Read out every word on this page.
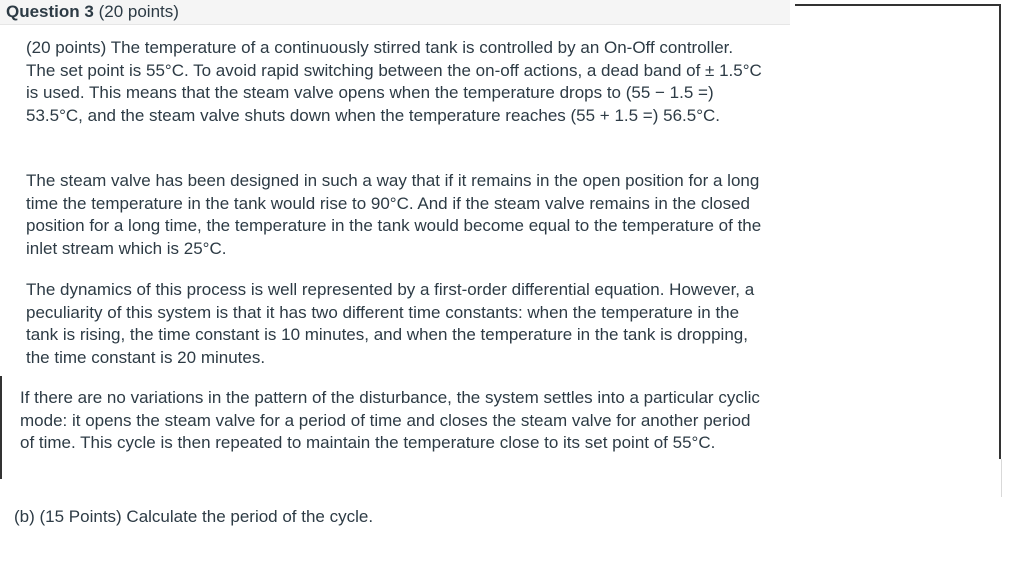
Question 3 (20 points)

(20 points) The temperature of a continuously stirred tank is controlled by an On-Off controller. The set point is 55°C. To avoid rapid switching between the on-off actions, a dead band of ± 1.5°C is used. This means that the steam valve opens when the temperature drops to (55 − 1.5 =) 53.5°C, and the steam valve shuts down when the temperature reaches (55 + 1.5 =) 56.5°C.

The steam valve has been designed in such a way that if it remains in the open position for a long time the temperature in the tank would rise to 90°C. And if the steam valve remains in the closed position for a long time, the temperature in the tank would become equal to the temperature of the inlet stream which is 25°C.

The dynamics of this process is well represented by a first-order differential equation. However, a peculiarity of this system is that it has two different time constants: when the temperature in the tank is rising, the time constant is 10 minutes, and when the temperature in the tank is dropping, the time constant is 20 minutes.

If there are no variations in the pattern of the disturbance, the system settles into a particular cyclic mode: it opens the steam valve for a period of time and closes the steam valve for another period of time. This cycle is then repeated to maintain the temperature close to its set point of 55°C.

(b) (15 Points) Calculate the period of the cycle.
